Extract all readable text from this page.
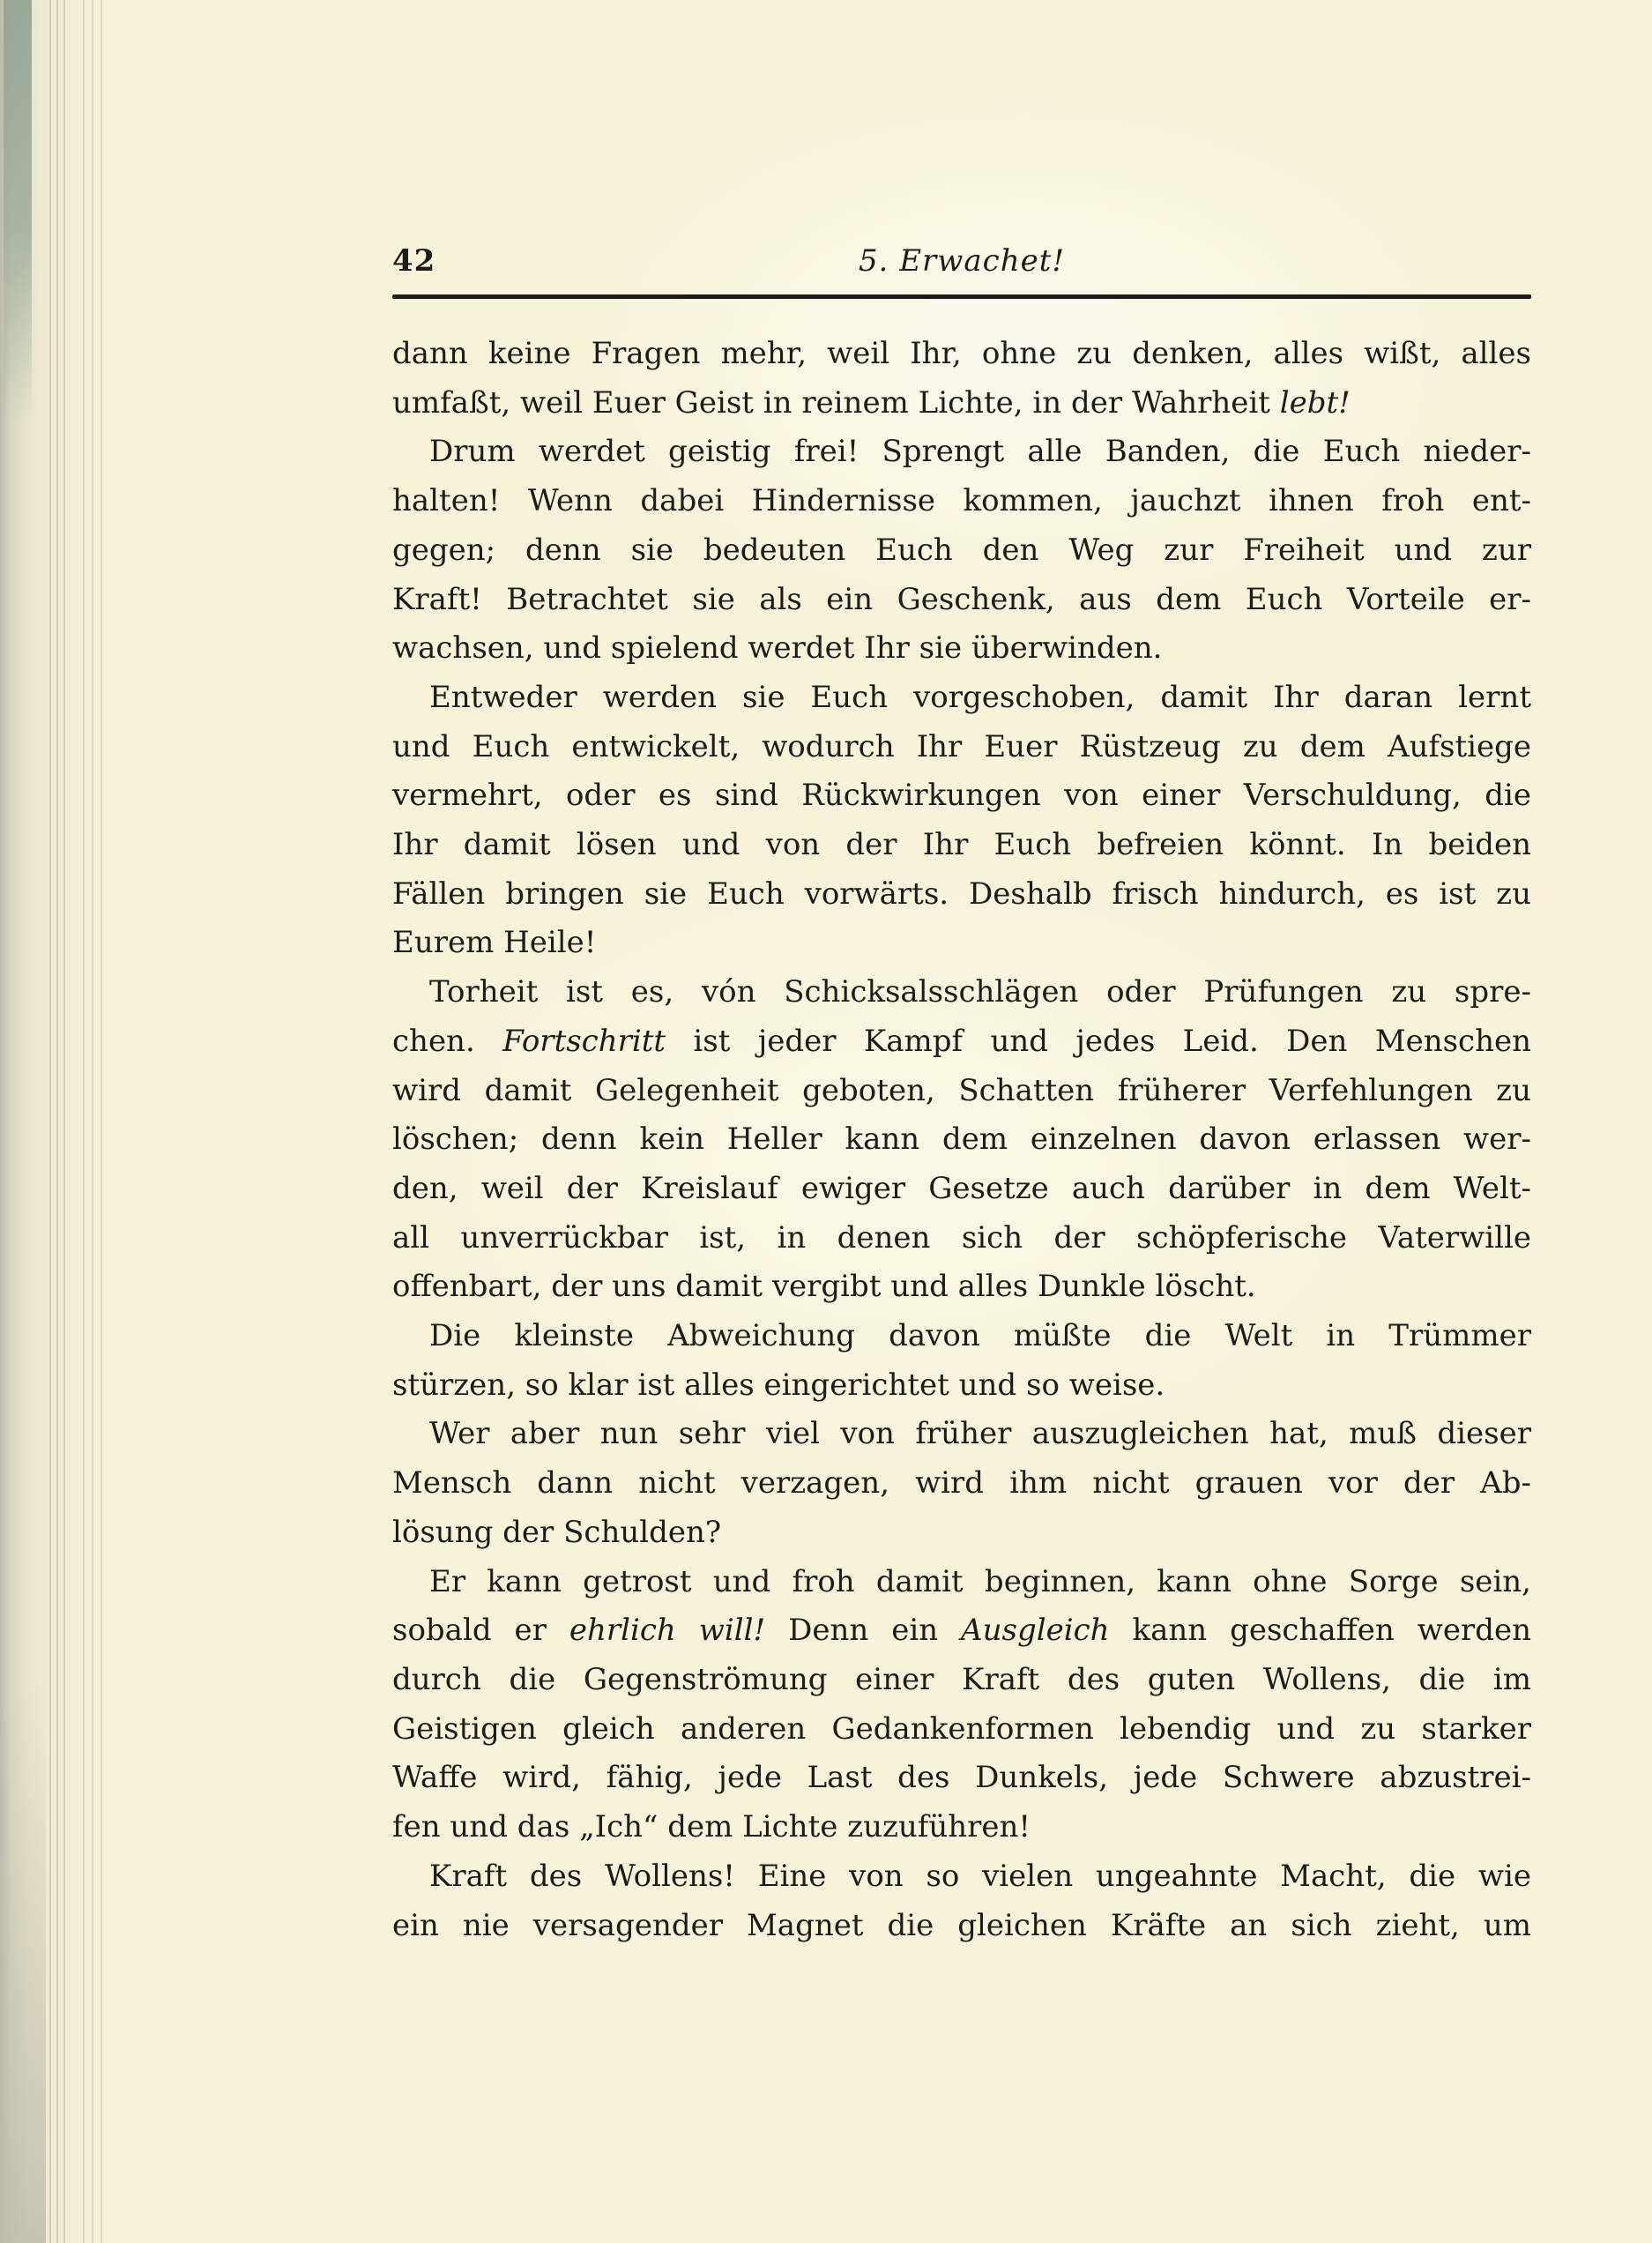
42	5. Erwachet!
dann keine Fragen mehr, weil Ihr, ohne zu denken, alles wißt, alles
umfaßt, weil Euer Geist in reinem Lichte, in der Wahrheit lebt!
Drum werdet geistig frei! Sprengt alle Banden, die Euch nieder-
halten! Wenn dabei Hindernisse kommen, jauchzt ihnen froh ent-
gegen; denn sie bedeuten Euch den Weg zur Freiheit und zur
Kraft! Betrachtet sie als ein Geschenk, aus dem Euch Vorteile er-
wachsen, und spielend werdet Ihr sie überwinden.
Entweder werden sie Euch vorgeschoben, damit Ihr daran lernt
und Euch entwickelt, wodurch Ihr Euer Rüstzeug zu dem Aufstiege
vermehrt, oder es sind Rückwirkungen von einer Verschuldung, die
Ihr damit lösen und von der Ihr Euch befreien könnt. In beiden
Fällen bringen sie Euch vorwärts. Deshalb frisch hindurch, es ist zu
Eurem Heile!
Torheit ist es, vón Schicksalsschlägen oder Prüfungen zu spre-
chen. Fortschritt ist jeder Kampf und jedes Leid. Den Menschen
wird damit Gelegenheit geboten, Schatten früherer Verfehlungen zu
löschen; denn kein Heller kann dem einzelnen davon erlassen wer-
den, weil der Kreislauf ewiger Gesetze auch darüber in dem Welt-
all unverrückbar ist, in denen sich der schöpferische Vaterwille
offenbart, der uns damit vergibt und alles Dunkle löscht.
Die kleinste Abweichung davon müßte die Welt in Trümmer
stürzen, so klar ist alles eingerichtet und so weise.
Wer aber nun sehr viel von früher auszugleichen hat, muß dieser
Mensch dann nicht verzagen, wird ihm nicht grauen vor der Ab-
lösung der Schulden?
Er kann getrost und froh damit beginnen, kann ohne Sorge sein,
sobald er ehrlich will! Denn ein Ausgleich kann geschaffen werden
durch die Gegenströmung einer Kraft des guten Wollens, die im
Geistigen gleich anderen Gedankenformen lebendig und zu starker
Waffe wird, fähig, jede Last des Dunkels, jede Schwere abzustrei-
fen und das „Ich“ dem Lichte zuzuführen!
Kraft des Wollens! Eine von so vielen ungeahnte Macht, die wie
ein nie versagender Magnet die gleichen Kräfte an sich zieht, um
